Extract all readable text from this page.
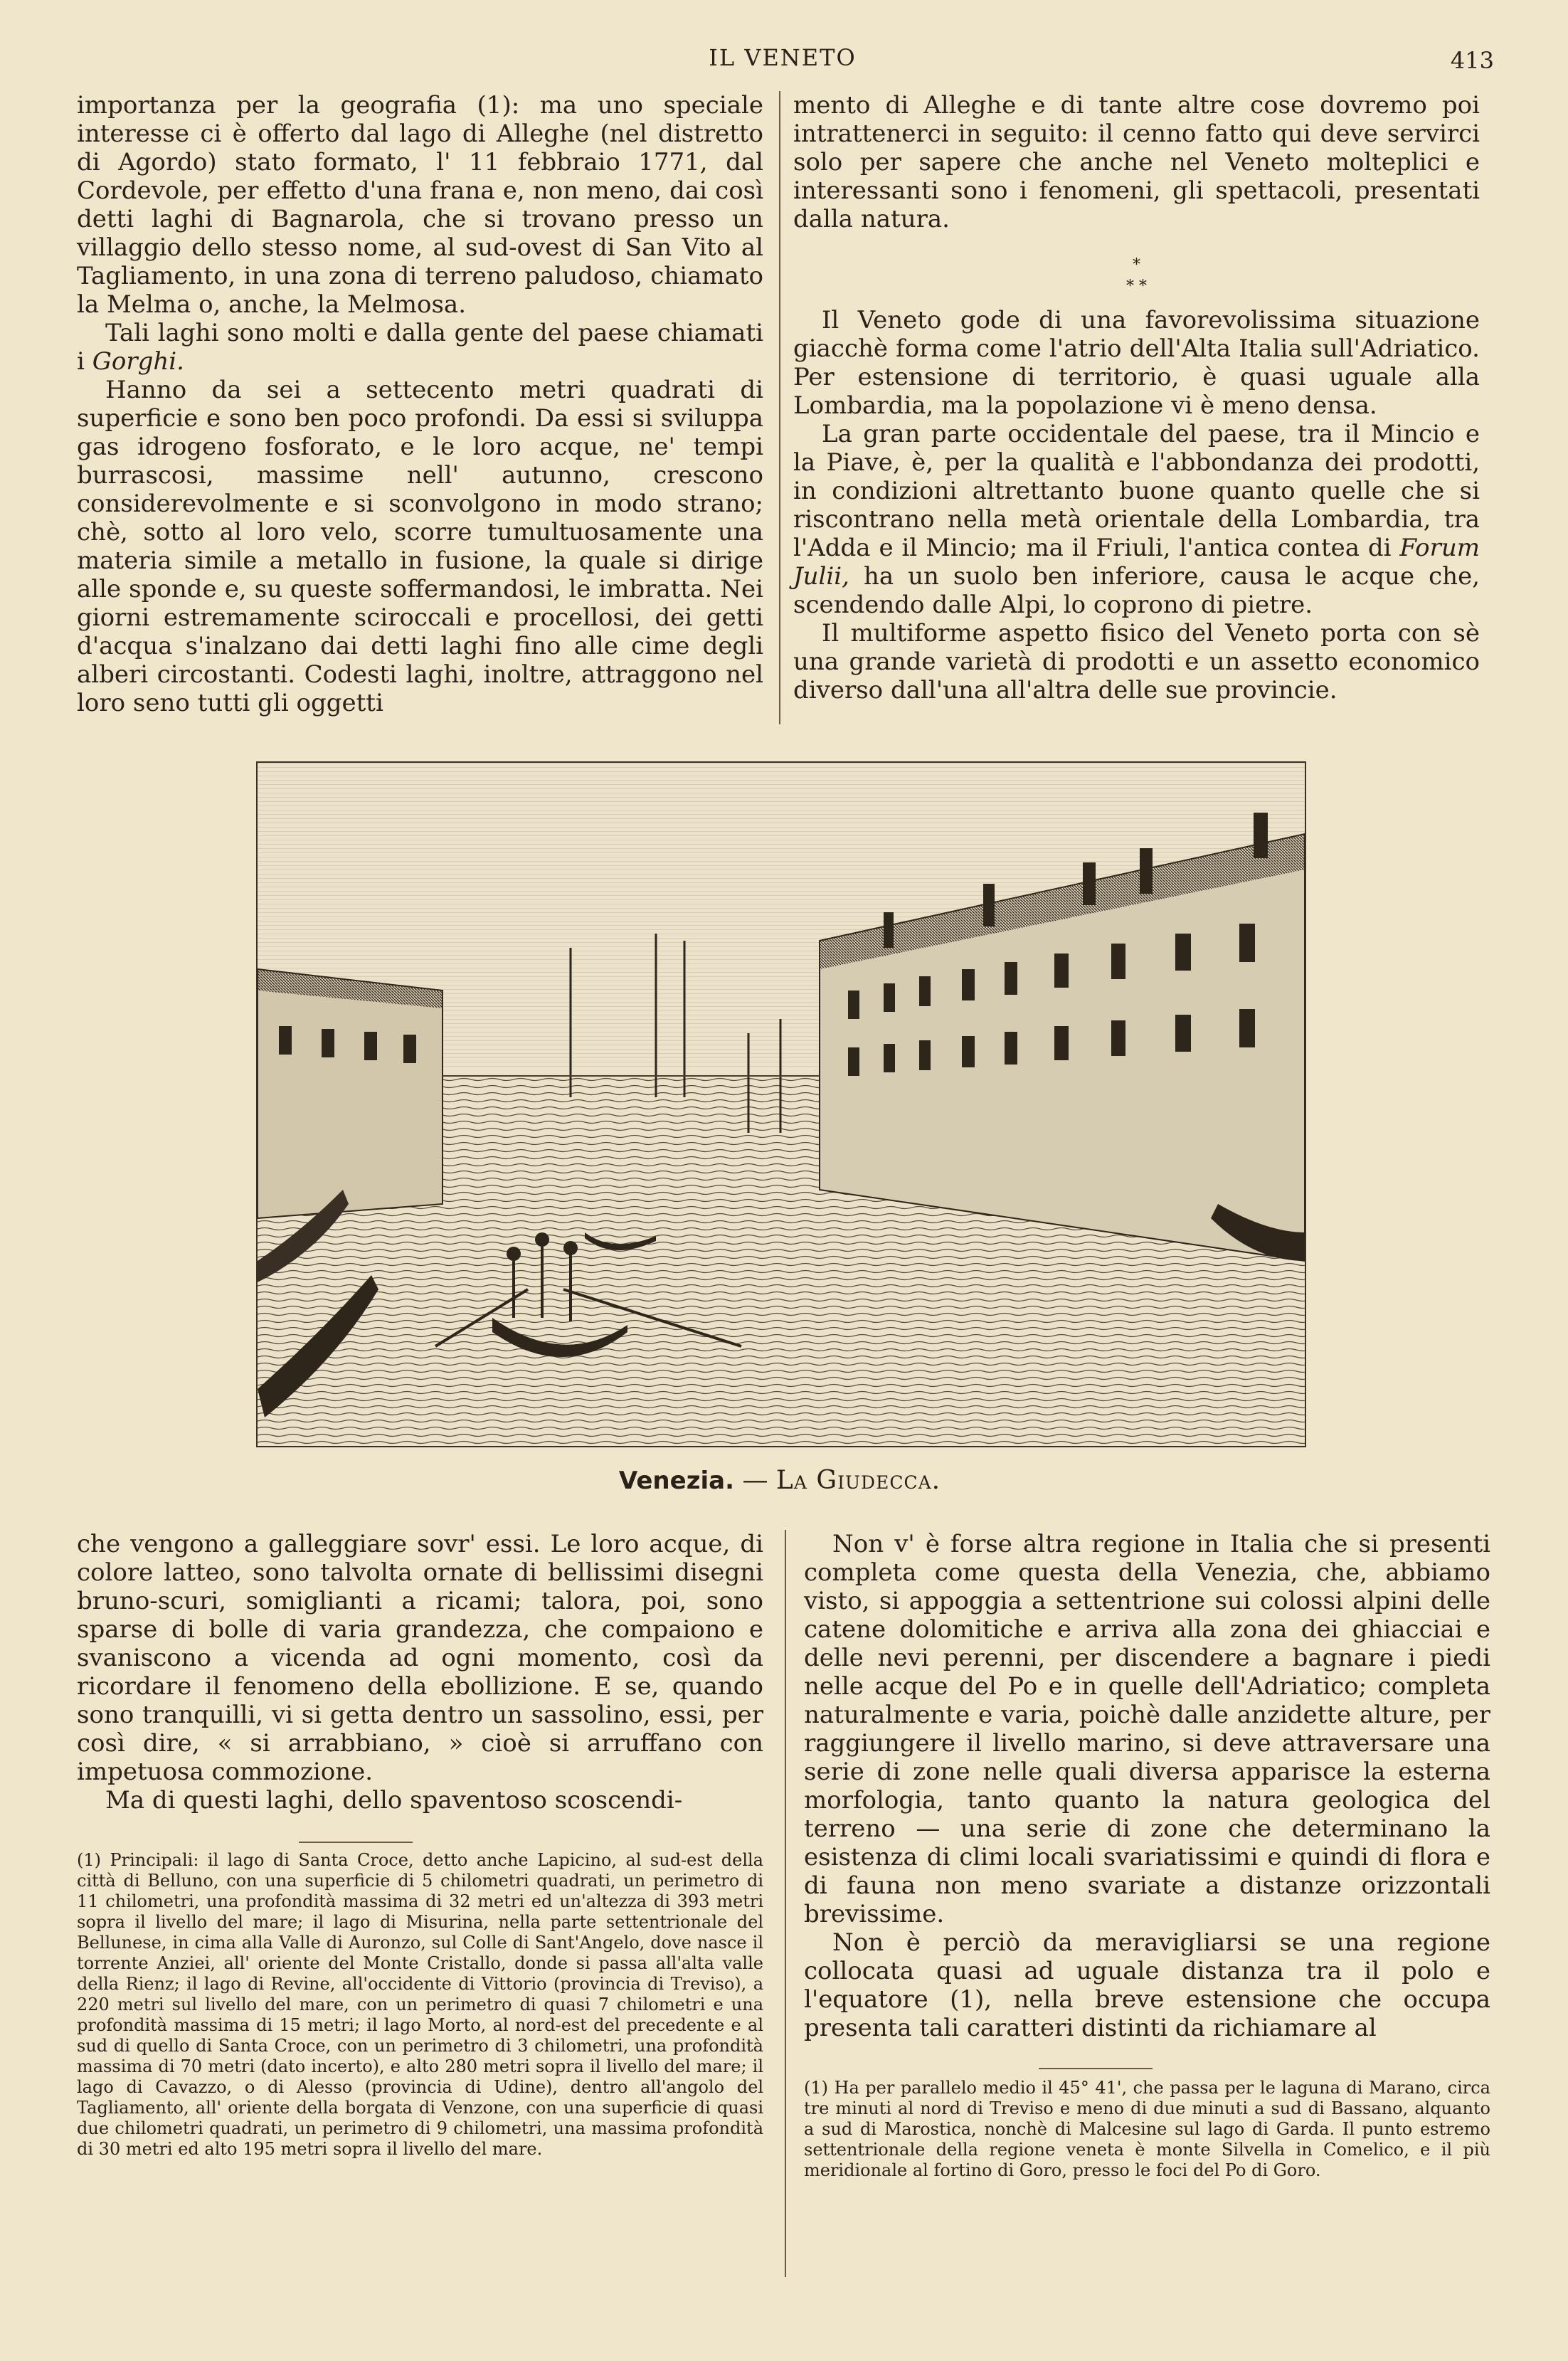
IL VENETO	413

importanza per la geografia (1): ma uno speciale interesse ci è offerto dal lago di Alleghe (nel distretto di Agordo) stato formato, l' 11 febbraio 1771, dal Cordevole, per effetto d'una frana e, non meno, dai così detti laghi di Bagnarola, che si trovano presso un villaggio dello stesso nome, al sud-ovest di San Vito al Tagliamento, in una zona di terreno paludoso, chiamato la Melma o, anche, la Melmosa.

Tali laghi sono molti e dalla gente del paese chiamati i Gorghi.

Hanno da sei a settecento metri quadrati di superficie e sono ben poco profondi. Da essi si sviluppa gas idrogeno fosforato, e le loro acque, ne' tempi burrascosi, massime nell' autunno, crescono considerevolmente e si sconvolgono in modo strano; chè, sotto al loro velo, scorre tumultuosamente una materia simile a metallo in fusione, la quale si dirige alle sponde e, su queste soffermandosi, le imbratta. Nei giorni estremamente sciroccali e procellosi, dei getti d'acqua s'inalzano dai detti laghi fino alle cime degli alberi circostanti. Codesti laghi, inoltre, attraggono nel loro seno tutti gli oggetti

mento di Alleghe e di tante altre cose dovremo poi intrattenerci in seguito: il cenno fatto qui deve servirci solo per sapere che anche nel Veneto molteplici e interessanti sono i fenomeni, gli spettacoli, presentati dalla natura.

*
* *

Il Veneto gode di una favorevolissima situazione giacchè forma come l'atrio dell'Alta Italia sull'Adriatico. Per estensione di territorio, è quasi uguale alla Lombardia, ma la popolazione vi è meno densa.

La gran parte occidentale del paese, tra il Mincio e la Piave, è, per la qualità e l'abbondanza dei prodotti, in condizioni altrettanto buone quanto quelle che si riscontrano nella metà orientale della Lombardia, tra l'Adda e il Mincio; ma il Friuli, l'antica contea di Forum Julii, ha un suolo ben inferiore, causa le acque che, scendendo dalle Alpi, lo coprono di pietre.

Il multiforme aspetto fisico del Veneto porta con sè una grande varietà di prodotti e un assetto economico diverso dall'una all'altra delle sue provincie.

Venezia. — La Giudecca.

che vengono a galleggiare sovr' essi. Le loro acque, di colore latteo, sono talvolta ornate di bellissimi disegni bruno-scuri, somiglianti a ricami; talora, poi, sono sparse di bolle di varia grandezza, che compaiono e svaniscono a vicenda ad ogni momento, così da ricordare il fenomeno della ebollizione. E se, quando sono tranquilli, vi si getta dentro un sassolino, essi, per così dire, « si arrabbiano, » cioè si arruffano con impetuosa commozione.

Ma di questi laghi, dello spaventoso scoscendi-

Non v' è forse altra regione in Italia che si presenti completa come questa della Venezia, che, abbiamo visto, si appoggia a settentrione sui colossi alpini delle catene dolomitiche e arriva alla zona dei ghiacciai e delle nevi perenni, per discendere a bagnare i piedi nelle acque del Po e in quelle dell'Adriatico; completa naturalmente e varia, poichè dalle anzidette alture, per raggiungere il livello marino, si deve attraversare una serie di zone nelle quali diversa apparisce la esterna morfologia, tanto quanto la natura geologica del terreno — una serie di zone che determinano la esistenza di climi locali svariatissimi e quindi di flora e di fauna non meno svariate a distanze orizzontali brevissime.

Non è perciò da meravigliarsi se una regione collocata quasi ad uguale distanza tra il polo e l'equatore (1), nella breve estensione che occupa presenta tali caratteri distinti da richiamare al

(1) Principali: il lago di Santa Croce, detto anche Lapicino, al sud-est della città di Belluno, con una superficie di 5 chilometri quadrati, un perimetro di 11 chilometri, una profondità massima di 32 metri ed un'altezza di 393 metri sopra il livello del mare; il lago di Misurina, nella parte settentrionale del Bellunese, in cima alla Valle di Auronzo, sul Colle di Sant'Angelo, dove nasce il torrente Anziei, all' oriente del Monte Cristallo, donde si passa all'alta valle della Rienz; il lago di Revine, all'occidente di Vittorio (provincia di Treviso), a 220 metri sul livello del mare, con un perimetro di quasi 7 chilometri e una profondità massima di 15 metri; il lago Morto, al nord-est del precedente e al sud di quello di Santa Croce, con un perimetro di 3 chilometri, una profondità massima di 70 metri (dato incerto), e alto 280 metri sopra il livello del mare; il lago di Cavazzo, o di Alesso (provincia di Udine), dentro all'angolo del Tagliamento, all' oriente della borgata di Venzone, con una superficie di quasi due chilometri quadrati, un perimetro di 9 chilometri, una massima profondità di 30 metri ed alto 195 metri sopra il livello del mare.
(1) Ha per parallelo medio il 45° 41', che passa per le laguna di Marano, circa tre minuti al nord di Treviso e meno di due minuti a sud di Bassano, alquanto a sud di Marostica, nonchè di Malcesine sul lago di Garda. Il punto estremo settentrionale della regione veneta è monte Silvella in Comelico, e il più meridionale al fortino di Goro, presso le foci del Po di Goro.
